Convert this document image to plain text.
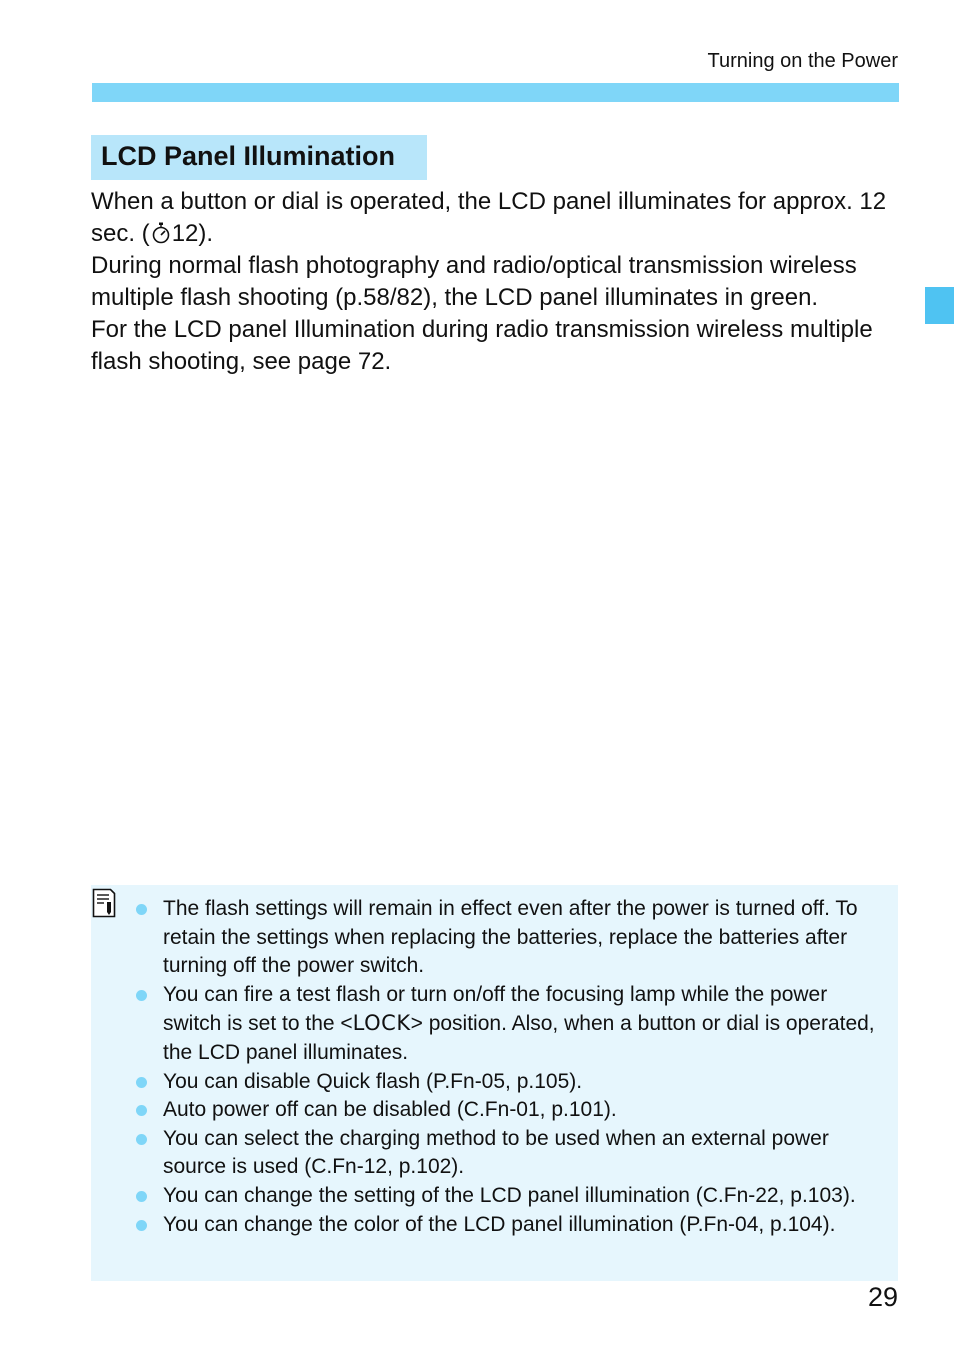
Turning on the Power
LCD Panel Illumination

When a button or dial is operated, the LCD panel illuminates for approx. 12 sec. ( 12).

During normal flash photography and radio/optical transmission wireless multiple flash shooting (p.58/82), the LCD panel illuminates in green.

For the LCD panel Illumination during radio transmission wireless multiple flash shooting, see page 72.

The flash settings will remain in effect even after the power is turned off. To retain the settings when replacing the batteries, replace the batteries after turning off the power switch.
You can fire a test flash or turn on/off the focusing lamp while the power switch is set to the <LOCK> position. Also, when a button or dial is operated, the LCD panel illuminates.
You can disable Quick flash (P.Fn-05, p.105).
Auto power off can be disabled (C.Fn-01, p.101).
You can select the charging method to be used when an external power source is used (C.Fn-12, p.102).
You can change the setting of the LCD panel illumination (C.Fn-22, p.103).
You can change the color of the LCD panel illumination (P.Fn-04, p.104).
29
